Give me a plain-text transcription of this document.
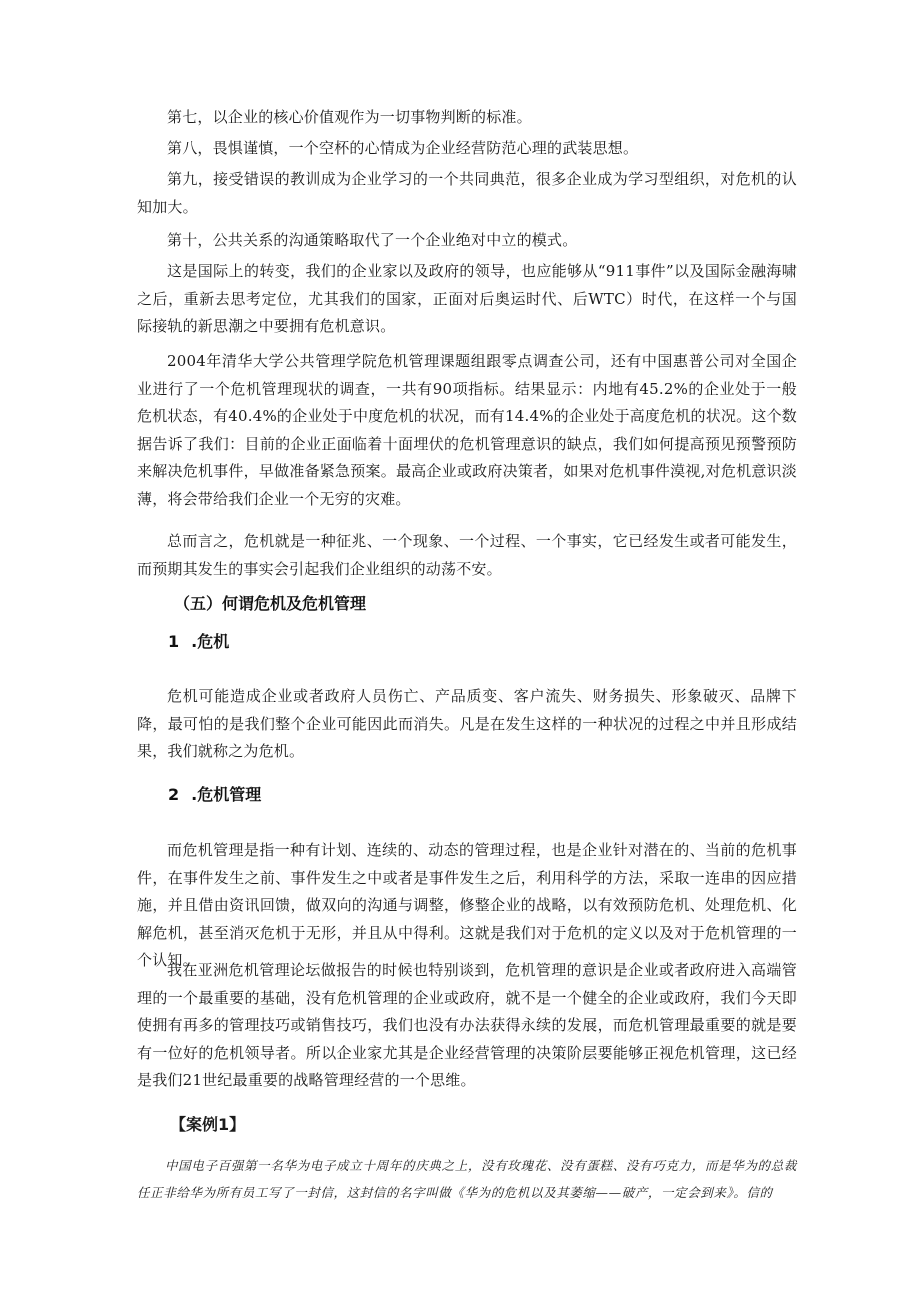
第七，以企业的核心价值观作为一切事物判断的标准。

第八，畏惧谨慎，一个空杯的心情成为企业经营防范心理的武装思想。

第九，接受错误的教训成为企业学习的一个共同典范，很多企业成为学习型组织，对危机的认知加大。

第十，公共关系的沟通策略取代了一个企业绝对中立的模式。

这是国际上的转变，我们的企业家以及政府的领导，也应能够从“911事件”以及国际金融海啸之后，重新去思考定位，尤其我们的国家，正面对后奥运时代、后WTC）时代，在这样一个与国际接轨的新思潮之中要拥有危机意识。

2004年清华大学公共管理学院危机管理课题组跟零点调查公司，还有中国惠普公司对全国企业进行了一个危机管理现状的调查，一共有90项指标。结果显示：内地有45.2%的企业处于一般危机状态，有40.4%的企业处于中度危机的状况，而有14.4%的企业处于高度危机的状况。这个数据告诉了我们：目前的企业正面临着十面埋伏的危机管理意识的缺点，我们如何提高预见预警预防来解决危机事件，早做准备紧急预案。最高企业或政府决策者，如果对危机事件漠视,对危机意识淡薄，将会带给我们企业一个无穷的灾难。

总而言之，危机就是一种征兆、一个现象、一个过程、一个事实，它已经发生或者可能发生，而预期其发生的事实会引起我们企业组织的动荡不安。

（五）何谓危机及危机管理
1 .危机

危机可能造成企业或者政府人员伤亡、产品质变、客户流失、财务损失、形象破灭、品牌下降，最可怕的是我们整个企业可能因此而消失。凡是在发生这样的一种状况的过程之中并且形成结果，我们就称之为危机。

2 .危机管理

而危机管理是指一种有计划、连续的、动态的管理过程，也是企业针对潜在的、当前的危机事件，在事件发生之前、事件发生之中或者是事件发生之后，利用科学的方法，采取一连串的因应措施，并且借由资讯回馈，做双向的沟通与调整，修整企业的战略，以有效预防危机、处理危机、化解危机，甚至消灭危机于无形，并且从中得利。这就是我们对于危机的定义以及对于危机管理的一个认知。

我在亚洲危机管理论坛做报告的时候也特别谈到，危机管理的意识是企业或者政府进入高端管理的一个最重要的基础，没有危机管理的企业或政府，就不是一个健全的企业或政府，我们今天即使拥有再多的管理技巧或销售技巧，我们也没有办法获得永续的发展，而危机管理最重要的就是要有一位好的危机领导者。所以企业家尤其是企业经营管理的决策阶层要能够正视危机管理，这已经是我们21世纪最重要的战略管理经营的一个思维。

【案例1】

中国电子百强第一名华为电子成立十周年的庆典之上，没有玫瑰花、没有蛋糕、没有巧克力，而是华为的总裁任正非给华为所有员工写了一封信，这封信的名字叫做《华为的危机以及其萎缩——破产，一定会到来》。信的
